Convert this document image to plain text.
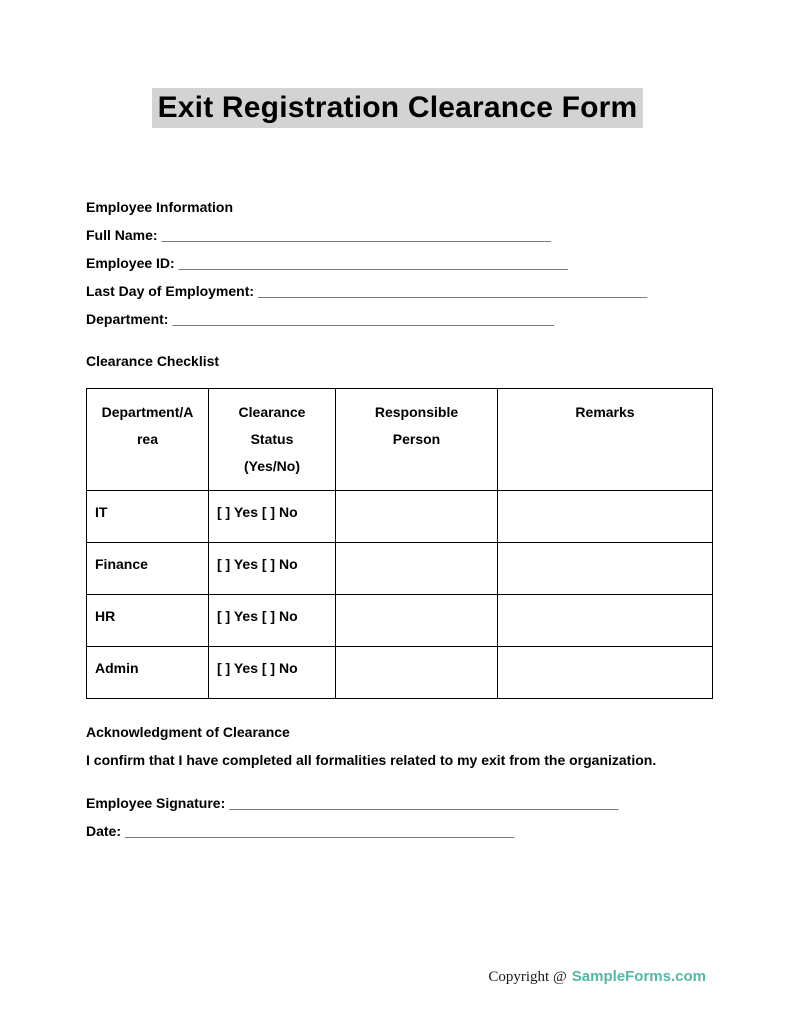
Exit Registration Clearance Form

Employee Information

Full Name: __________________________________________________

Employee ID: __________________________________________________

Last Day of Employment: __________________________________________________

Department: _________________________________________________

Clearance Checklist

Department/Area	Clearance Status (Yes/No)	Responsible Person	Remarks
IT	[ ] Yes [ ] No		
Finance	[ ] Yes [ ] No		
HR	[ ] Yes [ ] No		
Admin	[ ] Yes [ ] No		

Acknowledgment of Clearance

I confirm that I have completed all formalities related to my exit from the organization.

Employee Signature: __________________________________________________

Date: __________________________________________________

Copyright @ SampleForms.com
